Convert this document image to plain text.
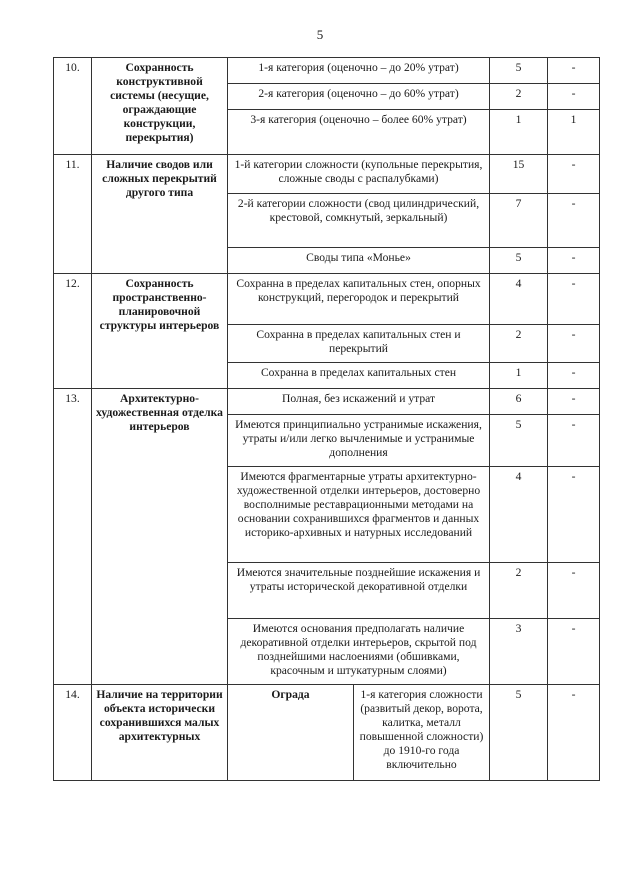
5
10.	Сохранность конструктивной системы (несущие, ограждающие конструкции, перекрытия)	1-я категория (оценочно – до 20% утрат)		5	-
		2-я категория (оценочно – до 60% утрат)		2	-
		3-я категория (оценочно – более 60% утрат)		1	1
11.	Наличие сводов или сложных перекрытий другого типа	1-й категории сложности (купольные перекрытия, сложные своды с распалубками)		15	-
		2-й категории сложности (свод цилиндрический, крестовой, сомкнутый, зеркальный)		7	-
		Своды типа «Монье»		5	-
12.	Сохранность пространственно-планировочной структуры интерьеров	Сохранна в пределах капитальных стен, опорных конструкций, перегородок и перекрытий		4	-
		Сохранна в пределах капитальных стен и перекрытий		2	-
		Сохранна в пределах капитальных стен		1	-
13.	Архитектурно-художественная отделка интерьеров	Полная, без искажений и утрат		6	-
		Имеются принципиально устранимые искажения, утраты и/или легко вычленимые и устранимые дополнения		5	-
		Имеются фрагментарные утраты архитектурно-художественной отделки интерьеров, достоверно восполнимые реставрационными методами на основании сохранившихся фрагментов и данных историко-архивных и натурных исследований		4	-
		Имеются значительные позднейшие искажения и утраты исторической декоративной отделки		2	-
		Имеются основания предполагать наличие декоративной отделки интерьеров, скрытой под позднейшими наслоениями (обшивками, красочным и штукатурным слоями)		3	-
14.	Наличие на территории объекта исторически сохранившихся малых архитектурных	Ограда	1-я категория сложности (развитый декор, ворота, калитка, металл повышенной сложности) до 1910-го года включительно	5	-
